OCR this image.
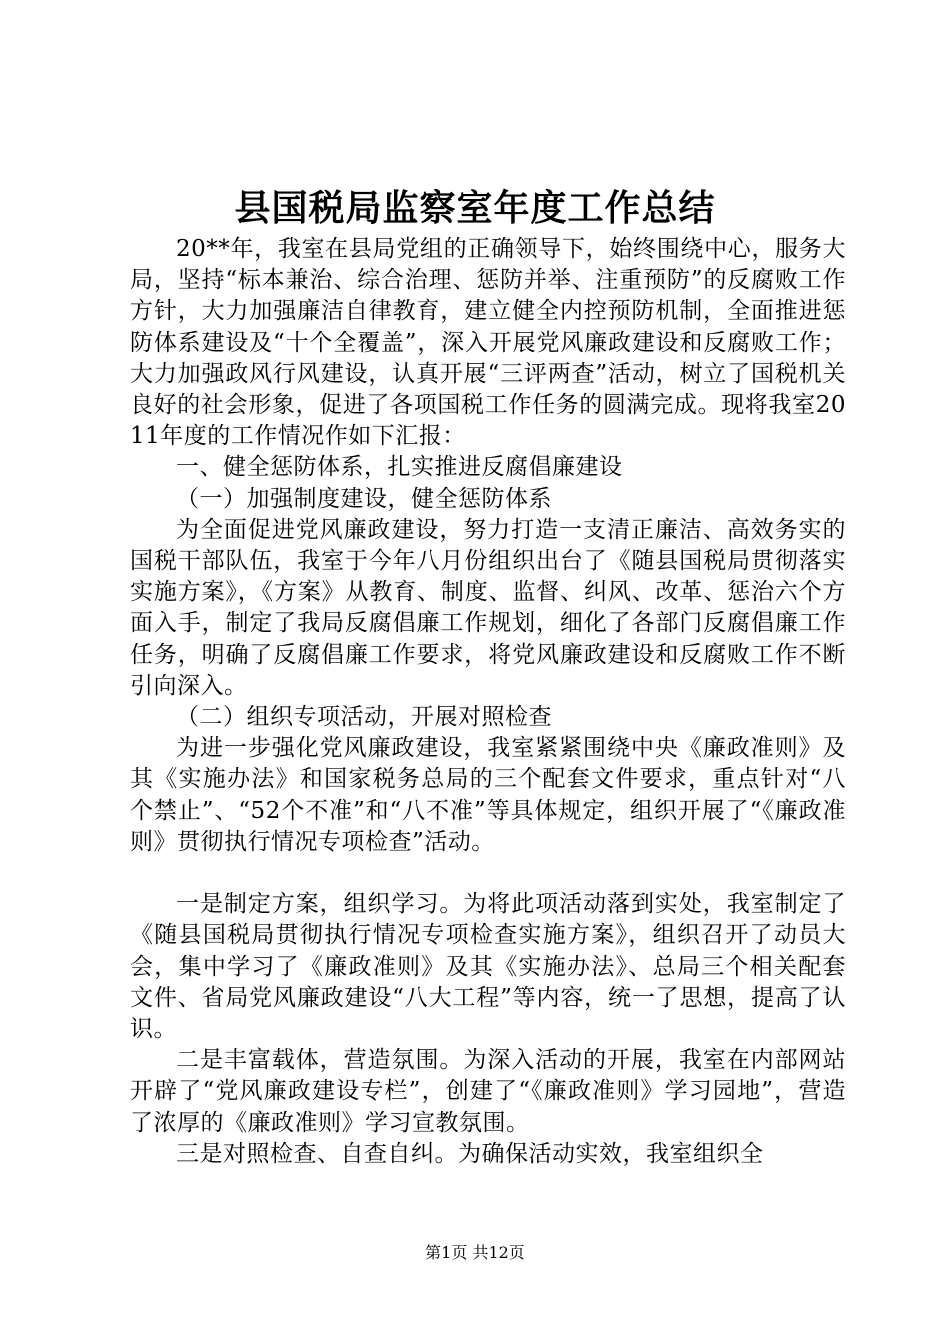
县国税局监察室年度工作总结

20**年，我室在县局党组的正确领导下，始终围绕中心，服务大局，坚持“标本兼治、综合治理、惩防并举、注重预防”的反腐败工作方针，大力加强廉洁自律教育，建立健全内控预防机制，全面推进惩防体系建设及“十个全覆盖”，深入开展党风廉政建设和反腐败工作；大力加强政风行风建设，认真开展“三评两查”活动，树立了国税机关良好的社会形象，促进了各项国税工作任务的圆满完成。现将我室2011年度的工作情况作如下汇报：

一、健全惩防体系，扎实推进反腐倡廉建设

（一）加强制度建设，健全惩防体系

为全面促进党风廉政建设，努力打造一支清正廉洁、高效务实的国税干部队伍，我室于今年八月份组织出台了《随县国税局贯彻落实实施方案》，《方案》从教育、制度、监督、纠风、改革、惩治六个方面入手，制定了我局反腐倡廉工作规划，细化了各部门反腐倡廉工作任务，明确了反腐倡廉工作要求，将党风廉政建设和反腐败工作不断引向深入。

（二）组织专项活动，开展对照检查

为进一步强化党风廉政建设，我室紧紧围绕中央《廉政准则》及其《实施办法》和国家税务总局的三个配套文件要求，重点针对“八个禁止”、“52个不准”和“八不准”等具体规定，组织开展了“《廉政准则》贯彻执行情况专项检查”活动。

一是制定方案，组织学习。为将此项活动落到实处，我室制定了《随县国税局贯彻执行情况专项检查实施方案》，组织召开了动员大会，集中学习了《廉政准则》及其《实施办法》、总局三个相关配套文件、省局党风廉政建设“八大工程”等内容，统一了思想，提高了认识。

二是丰富载体，营造氛围。为深入活动的开展，我室在内部网站开辟了“党风廉政建设专栏”，创建了“《廉政准则》学习园地”，营造了浓厚的《廉政准则》学习宣教氛围。

三是对照检查、自查自纠。为确保活动实效，我室组织全

第1页 共12页
